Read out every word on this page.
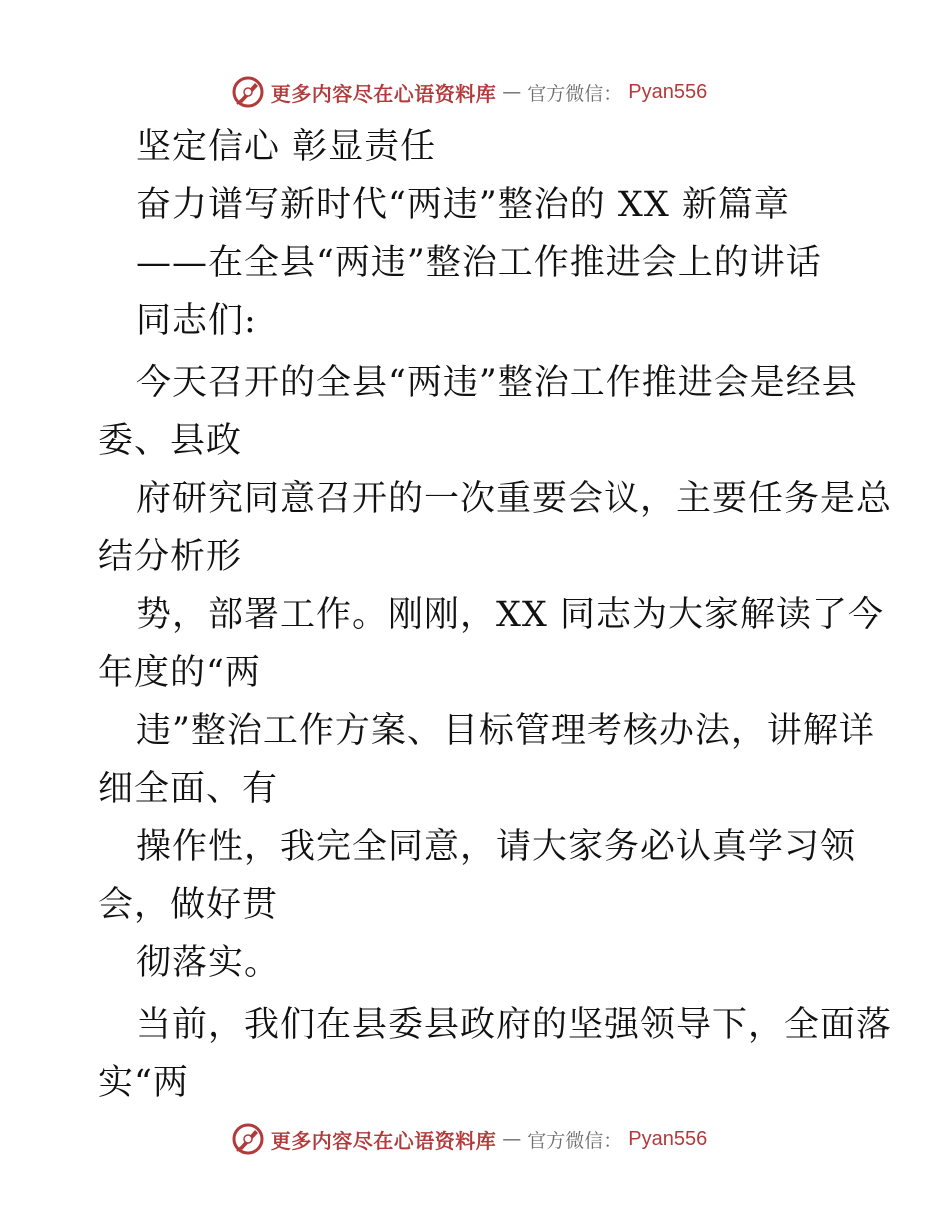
更多内容尽在心语资料库 — 官方微信： Pyan556
坚定信心 彰显责任
奋力谱写新时代“两违”整治的 XX 新篇章
——在全县“两违”整治工作推进会上的讲话
同志们:
今天召开的全县“两违”整治工作推进会是经县
委、县政
府研究同意召开的一次重要会议，主要任务是总
结分析形
势，部署工作。刚刚，XX 同志为大家解读了今
年度的“两
违”整治工作方案、目标管理考核办法，讲解详
细全面、有
操作性，我完全同意，请大家务必认真学习领
会，做好贯
彻落实。
当前，我们在县委县政府的坚强领导下，全面落
实“两
更多内容尽在心语资料库 — 官方微信： Pyan556
